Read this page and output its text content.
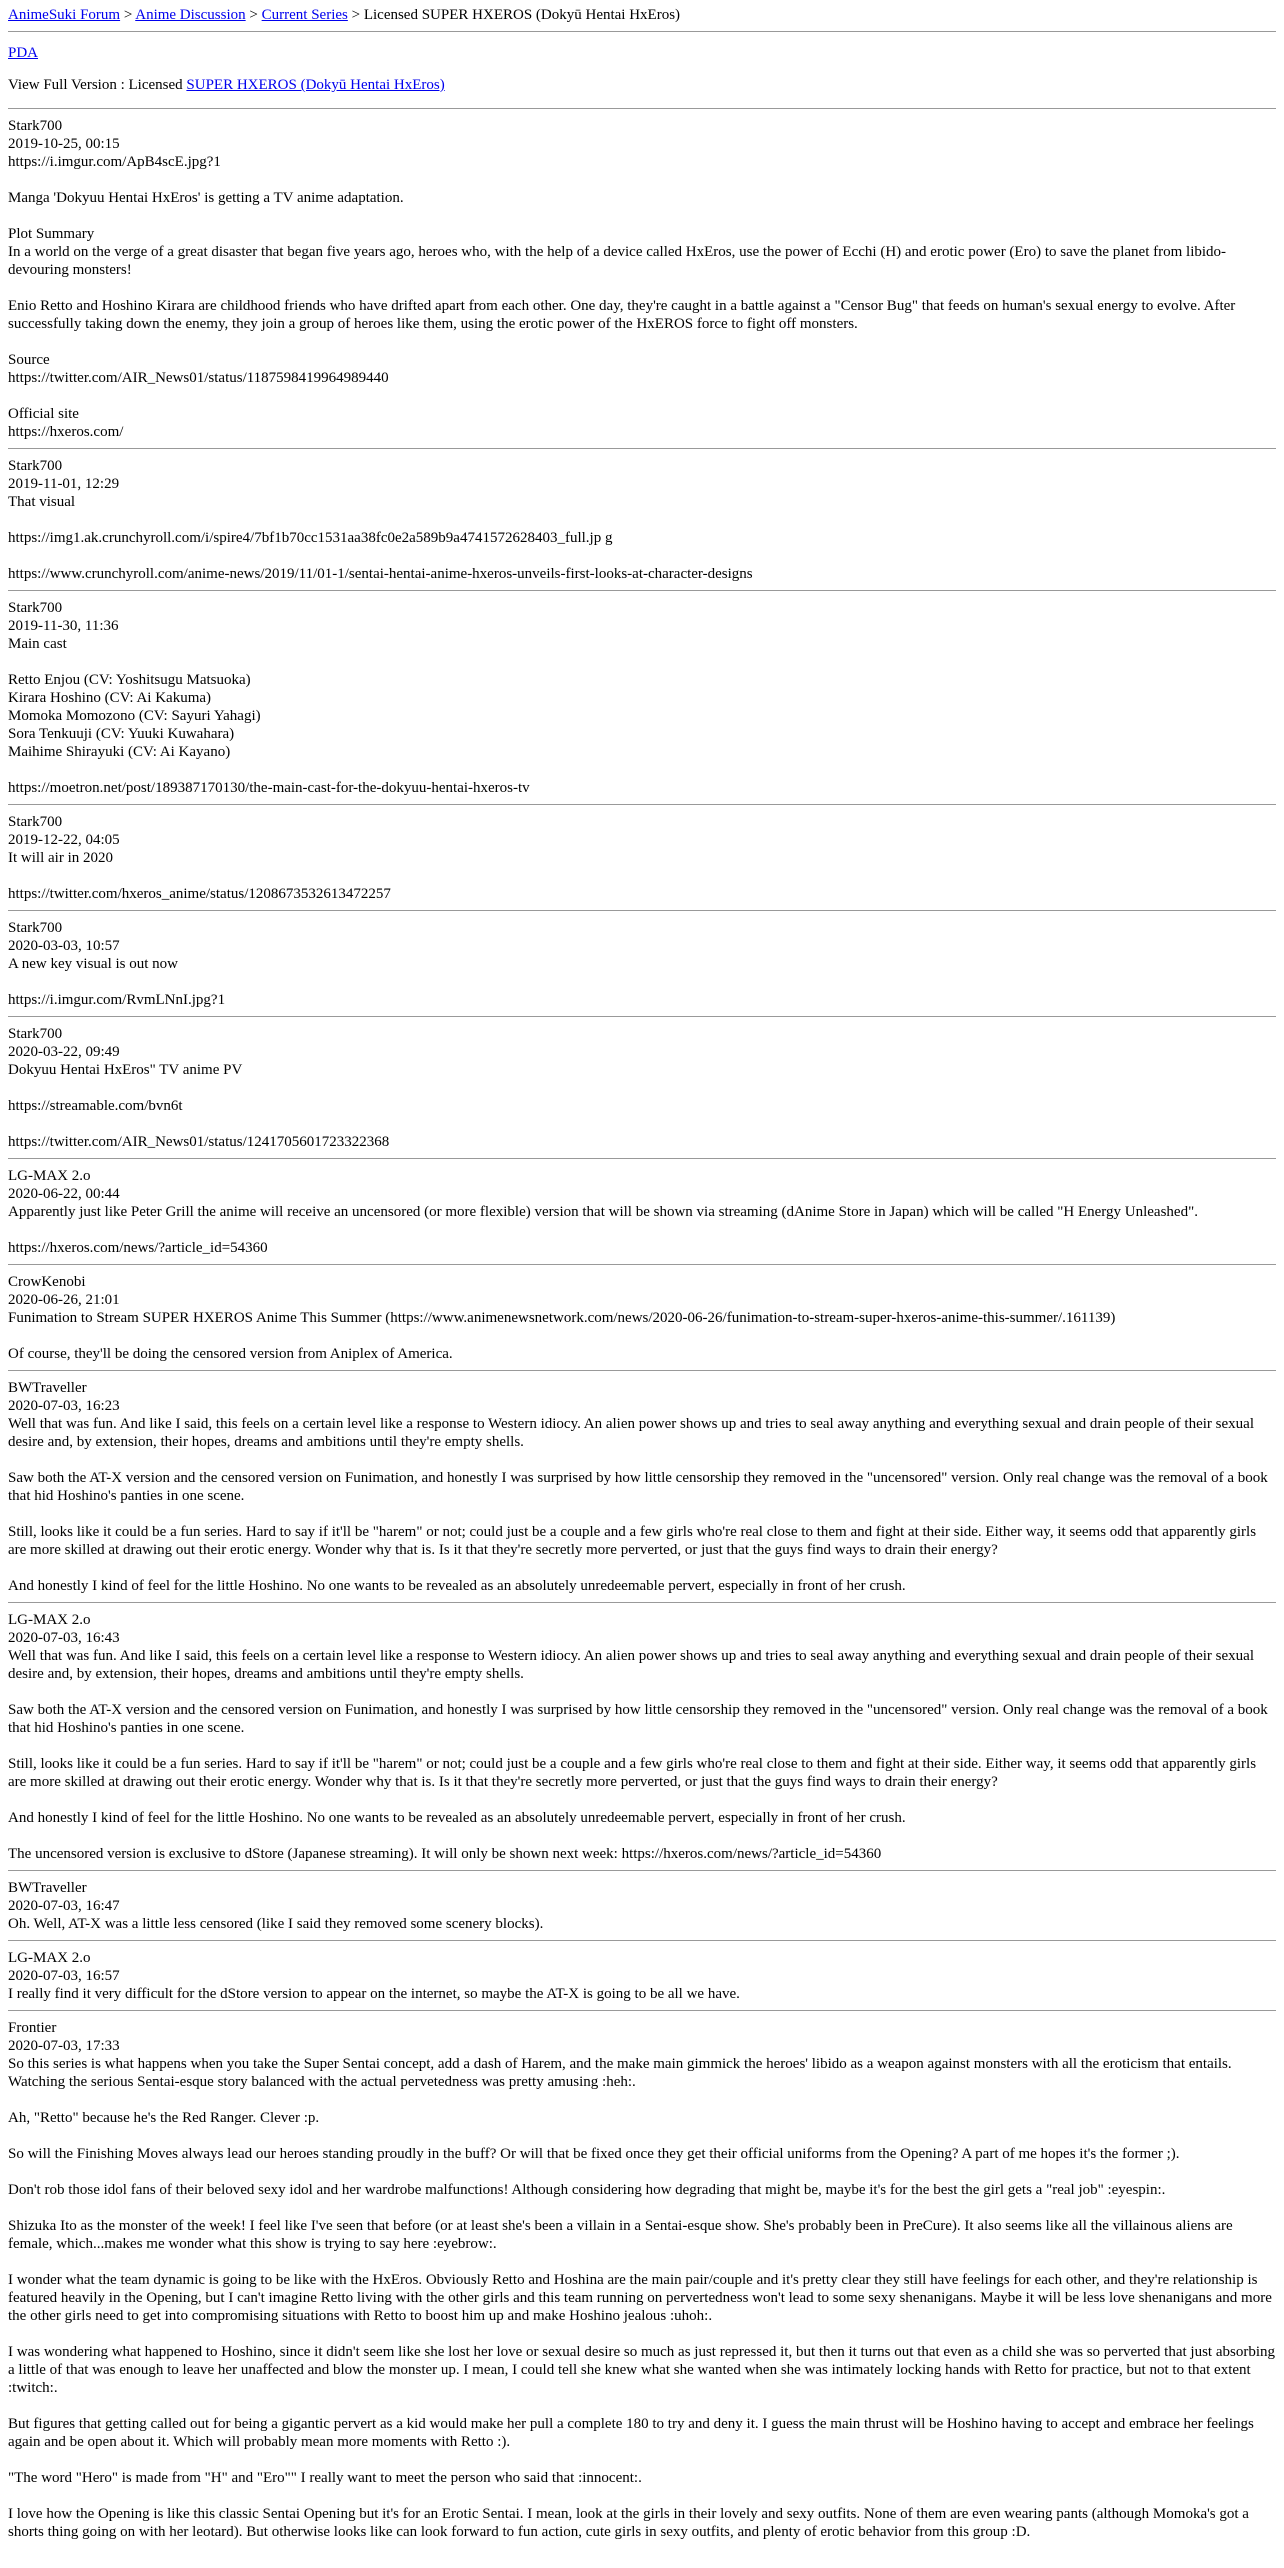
AnimeSuki Forum > Anime Discussion > Current Series > Licensed SUPER HXEROS (Dokyū Hentai HxEros)
PDA
View Full Version : Licensed SUPER HXEROS (Dokyū Hentai HxEros)
Stark700
2019-10-25, 00:15

https://i.imgur.com/ApB4scE.jpg?1

Manga 'Dokyuu Hentai HxEros' is getting a TV anime adaptation.

Plot Summary
In a world on the verge of a great disaster that began five years ago, heroes who, with the help of a device called HxEros, use the power of Ecchi (H) and erotic power (Ero) to save the planet from libido-devouring monsters!

Enio Retto and Hoshino Kirara are childhood friends who have drifted apart from each other. One day, they're caught in a battle against a "Censor Bug" that feeds on human's sexual energy to evolve. After successfully taking down the enemy, they join a group of heroes like them, using the erotic power of the HxEROS force to fight off monsters.

Source
https://twitter.com/AIR_News01/status/1187598419964989440

Official site
https://hxeros.com/

Stark700
2019-11-01, 12:29

That visual

https://img1.ak.crunchyroll.com/i/spire4/7bf1b70cc1531aa38fc0e2a589b9a4741572628403_full.jp g

https://www.crunchyroll.com/anime-news/2019/11/01-1/sentai-hentai-anime-hxeros-unveils-first-looks-at-character-designs

Stark700
2019-11-30, 11:36

Main cast

Retto Enjou (CV: Yoshitsugu Matsuoka)
Kirara Hoshino (CV: Ai Kakuma)
Momoka Momozono (CV: Sayuri Yahagi)
Sora Tenkuuji (CV: Yuuki Kuwahara)
Maihime Shirayuki (CV: Ai Kayano)

https://moetron.net/post/189387170130/the-main-cast-for-the-dokyuu-hentai-hxeros-tv

Stark700
2019-12-22, 04:05

It will air in 2020

https://twitter.com/hxeros_anime/status/1208673532613472257

Stark700
2020-03-03, 10:57

A new key visual is out now

https://i.imgur.com/RvmLNnI.jpg?1

Stark700
2020-03-22, 09:49

Dokyuu Hentai HxEros" TV anime PV

https://streamable.com/bvn6t

https://twitter.com/AIR_News01/status/1241705601723322368

LG-MAX 2.o
2020-06-22, 00:44

Apparently just like Peter Grill the anime will receive an uncensored (or more flexible) version that will be shown via streaming (dAnime Store in Japan) which will be called "H Energy Unleashed".

https://hxeros.com/news/?article_id=54360

CrowKenobi
2020-06-26, 21:01

Funimation to Stream SUPER HXEROS Anime This Summer (https://www.animenewsnetwork.com/news/2020-06-26/funimation-to-stream-super-hxeros-anime-this-summer/.161139)

Of course, they'll be doing the censored version from Aniplex of America.

BWTraveller
2020-07-03, 16:23

Well that was fun. And like I said, this feels on a certain level like a response to Western idiocy. An alien power shows up and tries to seal away anything and everything sexual and drain people of their sexual desire and, by extension, their hopes, dreams and ambitions until they're empty shells.

Saw both the AT-X version and the censored version on Funimation, and honestly I was surprised by how little censorship they removed in the "uncensored" version. Only real change was the removal of a book that hid Hoshino's panties in one scene.

Still, looks like it could be a fun series. Hard to say if it'll be "harem" or not; could just be a couple and a few girls who're real close to them and fight at their side. Either way, it seems odd that apparently girls are more skilled at drawing out their erotic energy. Wonder why that is. Is it that they're secretly more perverted, or just that the guys find ways to drain their energy?

And honestly I kind of feel for the little Hoshino. No one wants to be revealed as an absolutely unredeemable pervert, especially in front of her crush.

LG-MAX 2.o
2020-07-03, 16:43

Well that was fun. And like I said, this feels on a certain level like a response to Western idiocy. An alien power shows up and tries to seal away anything and everything sexual and drain people of their sexual desire and, by extension, their hopes, dreams and ambitions until they're empty shells.

Saw both the AT-X version and the censored version on Funimation, and honestly I was surprised by how little censorship they removed in the "uncensored" version. Only real change was the removal of a book that hid Hoshino's panties in one scene.

Still, looks like it could be a fun series. Hard to say if it'll be "harem" or not; could just be a couple and a few girls who're real close to them and fight at their side. Either way, it seems odd that apparently girls are more skilled at drawing out their erotic energy. Wonder why that is. Is it that they're secretly more perverted, or just that the guys find ways to drain their energy?

And honestly I kind of feel for the little Hoshino. No one wants to be revealed as an absolutely unredeemable pervert, especially in front of her crush.

The uncensored version is exclusive to dStore (Japanese streaming). It will only be shown next week: https://hxeros.com/news/?article_id=54360

BWTraveller
2020-07-03, 16:47

Oh. Well, AT-X was a little less censored (like I said they removed some scenery blocks).

LG-MAX 2.o
2020-07-03, 16:57

I really find it very difficult for the dStore version to appear on the internet, so maybe the AT-X is going to be all we have.

Frontier
2020-07-03, 17:33

So this series is what happens when you take the Super Sentai concept, add a dash of Harem, and the make main gimmick the heroes' libido as a weapon against monsters with all the eroticism that entails. Watching the serious Sentai-esque story balanced with the actual pervetedness was pretty amusing :heh:.

Ah, "Retto" because he's the Red Ranger. Clever :p.

So will the Finishing Moves always lead our heroes standing proudly in the buff? Or will that be fixed once they get their official uniforms from the Opening? A part of me hopes it's the former ;).

Don't rob those idol fans of their beloved sexy idol and her wardrobe malfunctions! Although considering how degrading that might be, maybe it's for the best the girl gets a "real job" :eyespin:.

Shizuka Ito as the monster of the week! I feel like I've seen that before (or at least she's been a villain in a Sentai-esque show. She's probably been in PreCure). It also seems like all the villainous aliens are female, which...makes me wonder what this show is trying to say here :eyebrow:.

I wonder what the team dynamic is going to be like with the HxEros. Obviously Retto and Hoshina are the main pair/couple and it's pretty clear they still have feelings for each other, and they're relationship is featured heavily in the Opening, but I can't imagine Retto living with the other girls and this team running on pervertedness won't lead to some sexy shenanigans. Maybe it will be less love shenanigans and more the other girls need to get into compromising situations with Retto to boost him up and make Hoshino jealous :uhoh:.

I was wondering what happened to Hoshino, since it didn't seem like she lost her love or sexual desire so much as just repressed it, but then it turns out that even as a child she was so perverted that just absorbing a little of that was enough to leave her unaffected and blow the monster up. I mean, I could tell she knew what she wanted when she was intimately locking hands with Retto for practice, but not to that extent :twitch:.

But figures that getting called out for being a gigantic pervert as a kid would make her pull a complete 180 to try and deny it. I guess the main thrust will be Hoshino having to accept and embrace her feelings again and be open about it. Which will probably mean more moments with Retto :).

"The word "Hero" is made from "H" and "Ero"" I really want to meet the person who said that :innocent:.

I love how the Opening is like this classic Sentai Opening but it's for an Erotic Sentai. I mean, look at the girls in their lovely and sexy outfits. None of them are even wearing pants (although Momoka's got a shorts thing going on with her leotard). But otherwise looks like can look forward to fun action, cute girls in sexy outfits, and plenty of erotic behavior from this group :D.
